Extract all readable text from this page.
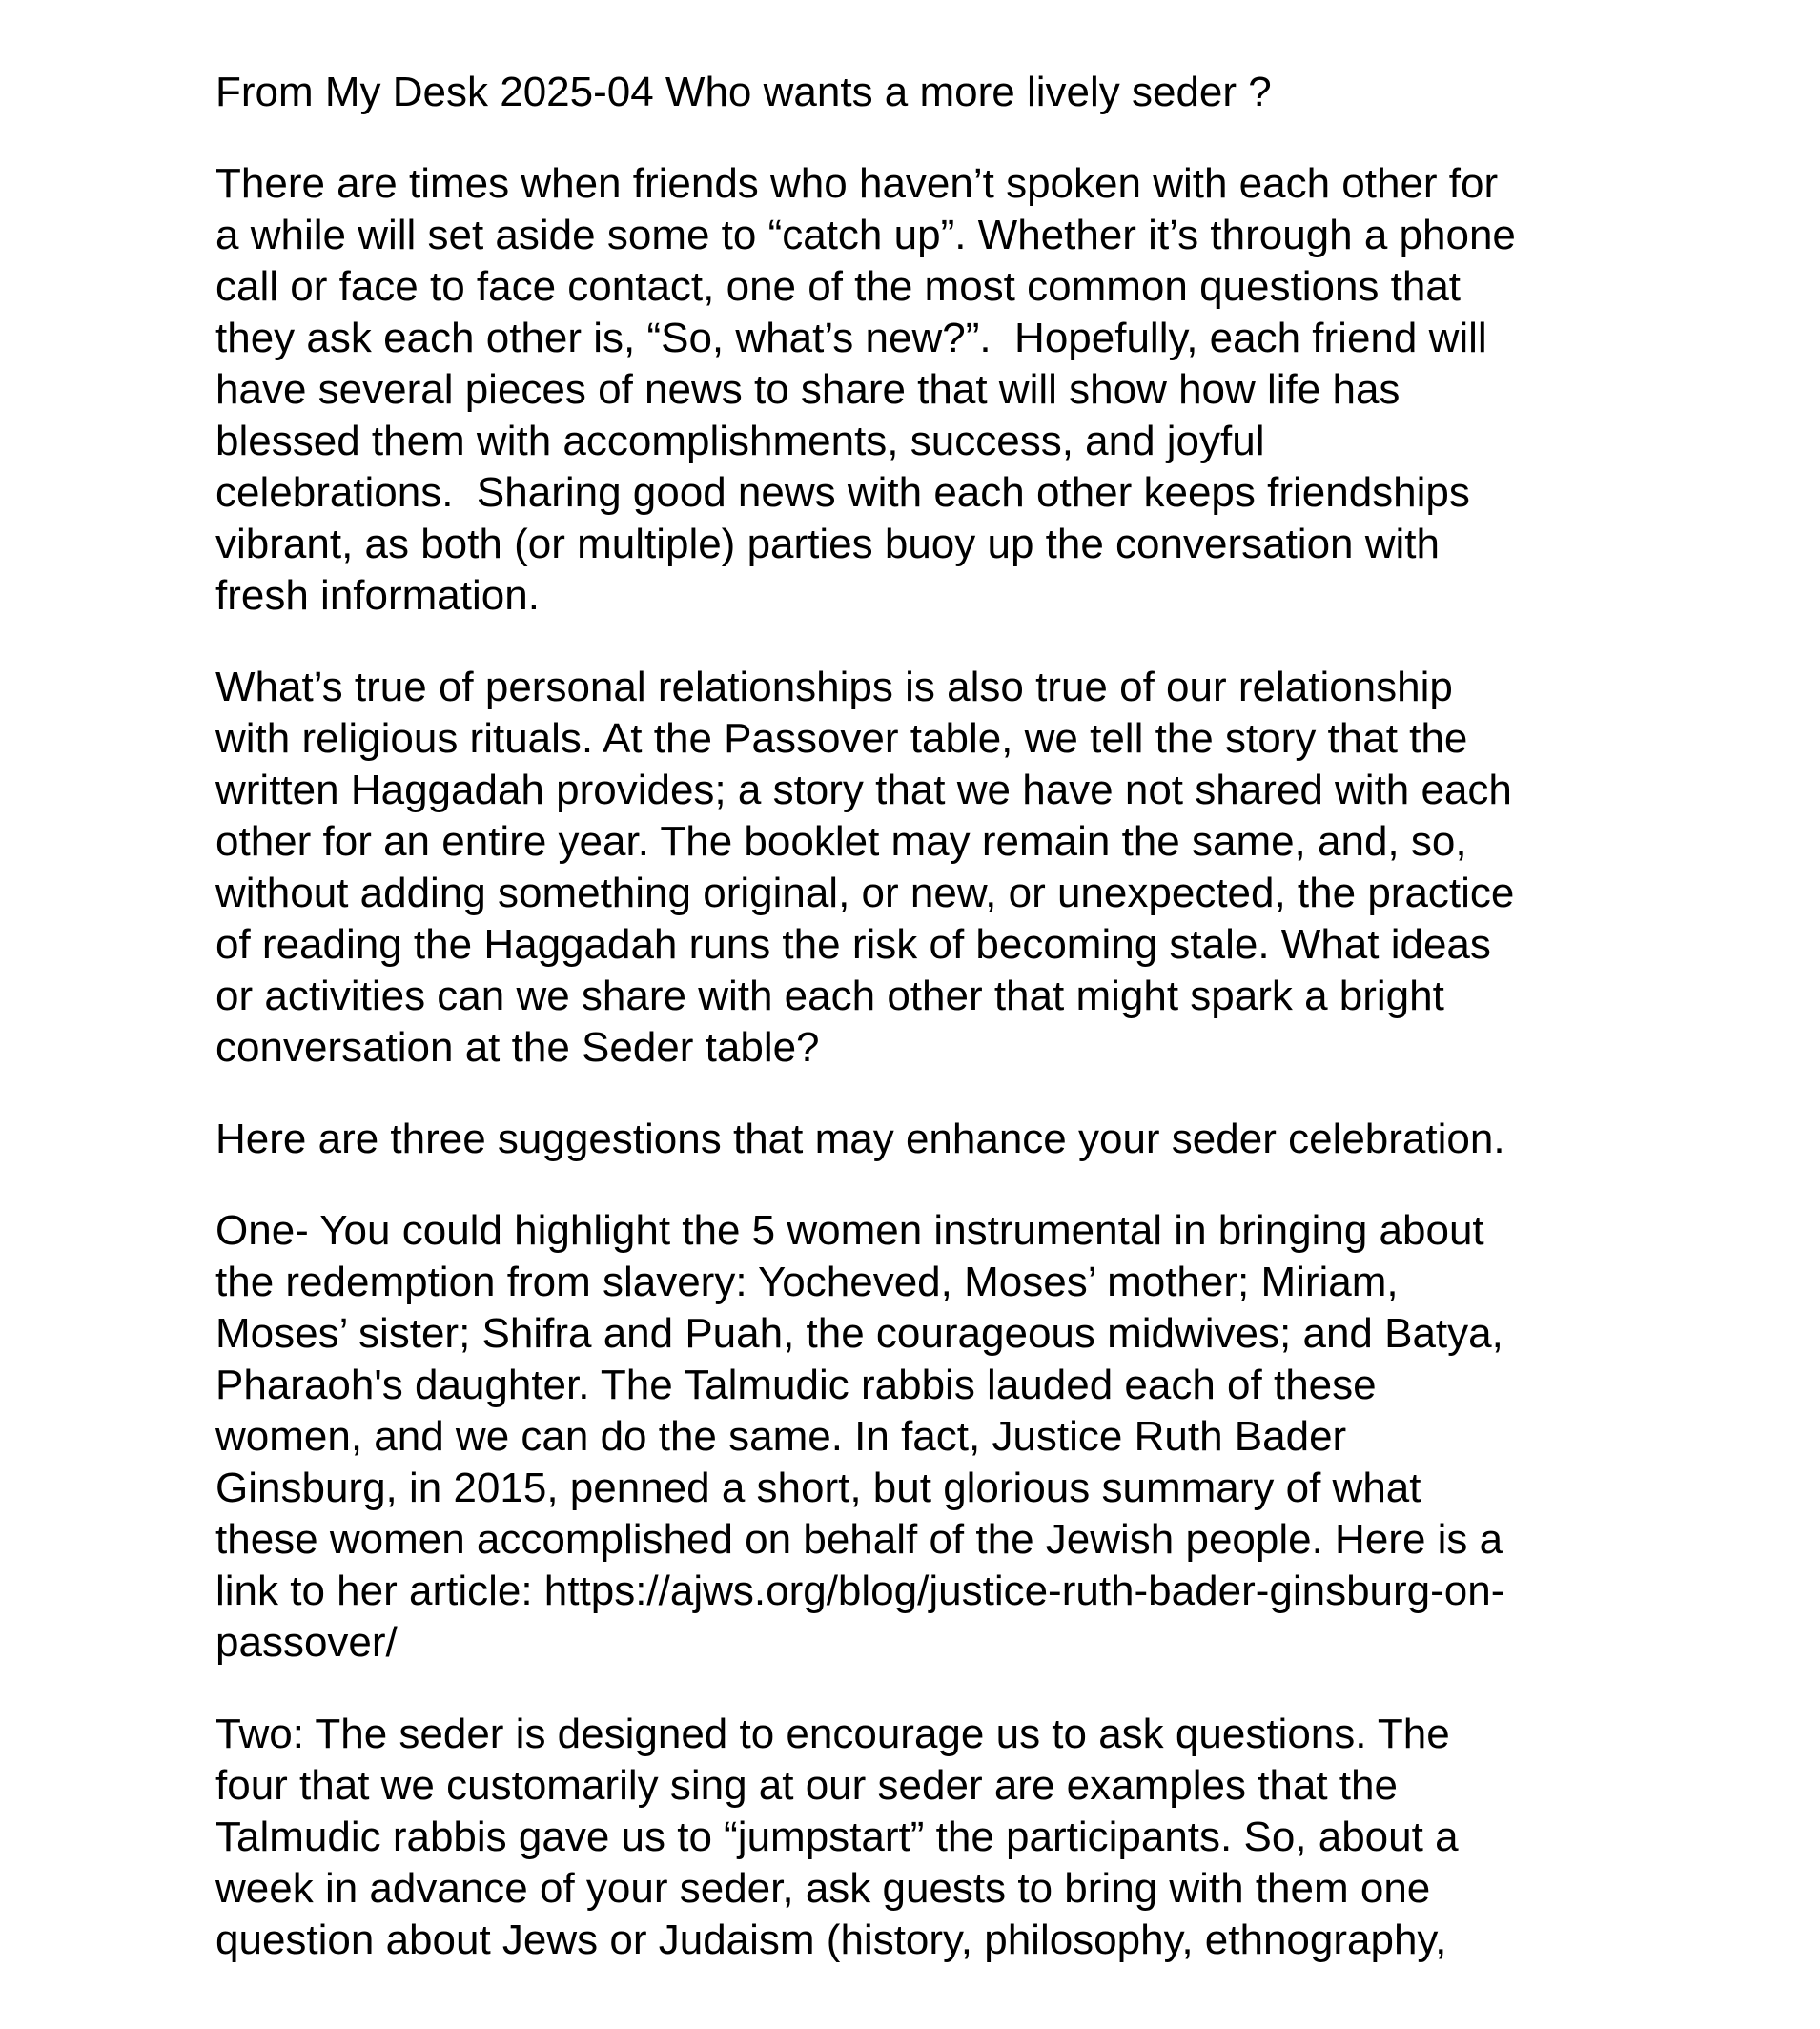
From My Desk 2025-04 Who wants a more lively seder ?
There are times when friends who haven’t spoken with each other for
a while will set aside some to “catch up”. Whether it’s through a phone
call or face to face contact, one of the most common questions that
they ask each other is, “So, what’s new?”.  Hopefully, each friend will
have several pieces of news to share that will show how life has
blessed them with accomplishments, success, and joyful
celebrations.  Sharing good news with each other keeps friendships
vibrant, as both (or multiple) parties buoy up the conversation with
fresh information.
What’s true of personal relationships is also true of our relationship
with religious rituals. At the Passover table, we tell the story that the
written Haggadah provides; a story that we have not shared with each
other for an entire year. The booklet may remain the same, and, so,
without adding something original, or new, or unexpected, the practice
of reading the Haggadah runs the risk of becoming stale. What ideas
or activities can we share with each other that might spark a bright
conversation at the Seder table?
Here are three suggestions that may enhance your seder celebration.
One- You could highlight the 5 women instrumental in bringing about
the redemption from slavery: Yocheved, Moses’ mother; Miriam,
Moses’ sister; Shifra and Puah, the courageous midwives; and Batya,
Pharaoh's daughter. The Talmudic rabbis lauded each of these
women, and we can do the same. In fact, Justice Ruth Bader
Ginsburg, in 2015, penned a short, but glorious summary of what
these women accomplished on behalf of the Jewish people. Here is a
link to her article: https://ajws.org/blog/justice-ruth-bader-ginsburg-on-
passover/
Two: The seder is designed to encourage us to ask questions. The
four that we customarily sing at our seder are examples that the
Talmudic rabbis gave us to “jumpstart” the participants. So, about a
week in advance of your seder, ask guests to bring with them one
question about Jews or Judaism (history, philosophy, ethnography,
